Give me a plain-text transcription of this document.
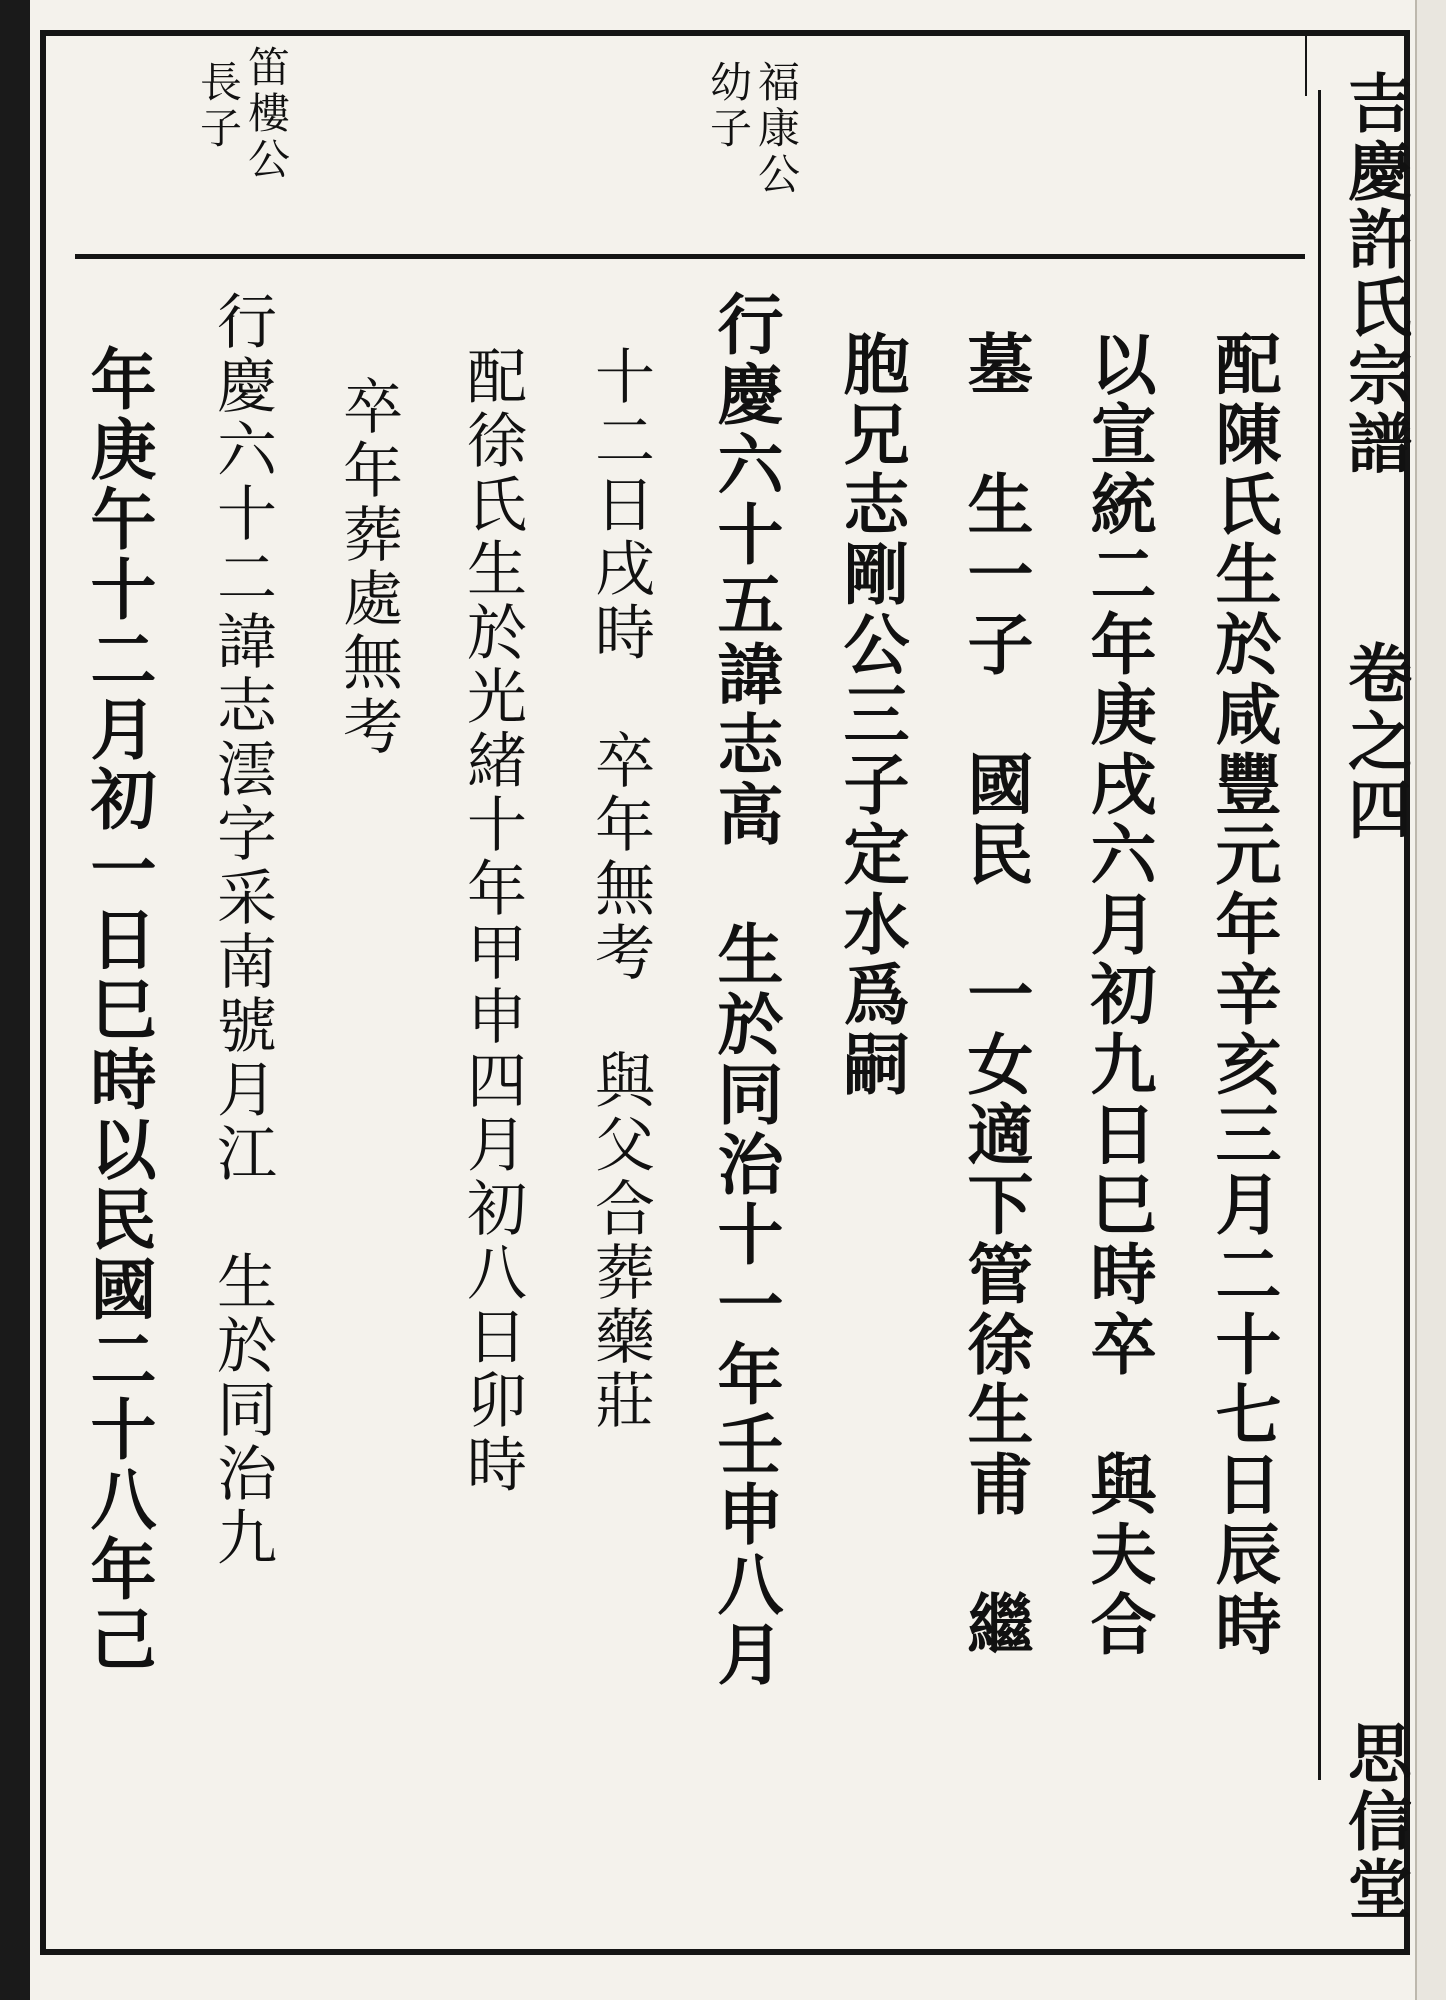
吉慶許氏宗譜
卷之四
思信堂
福康公
幼子
笛樓公
長子
配陳氏生於咸豐元年辛亥三月二十七日辰時
以宣統二年庚戌六月初九日巳時卒　與夫合
墓　生一子　國民　一女適下管徐生甫　繼
胞兄志剛公三子定水爲嗣
行慶六十五諱志高　生於同治十一年壬申八月
十二日戌時　卒年無考　與父合葬藥莊
配徐氏生於光緒十年甲申四月初八日卯時
卒年葬處無考
行慶六十二諱志澐字采南號月江　生於同治九
年庚午十二月初一日巳時以民國二十八年己
